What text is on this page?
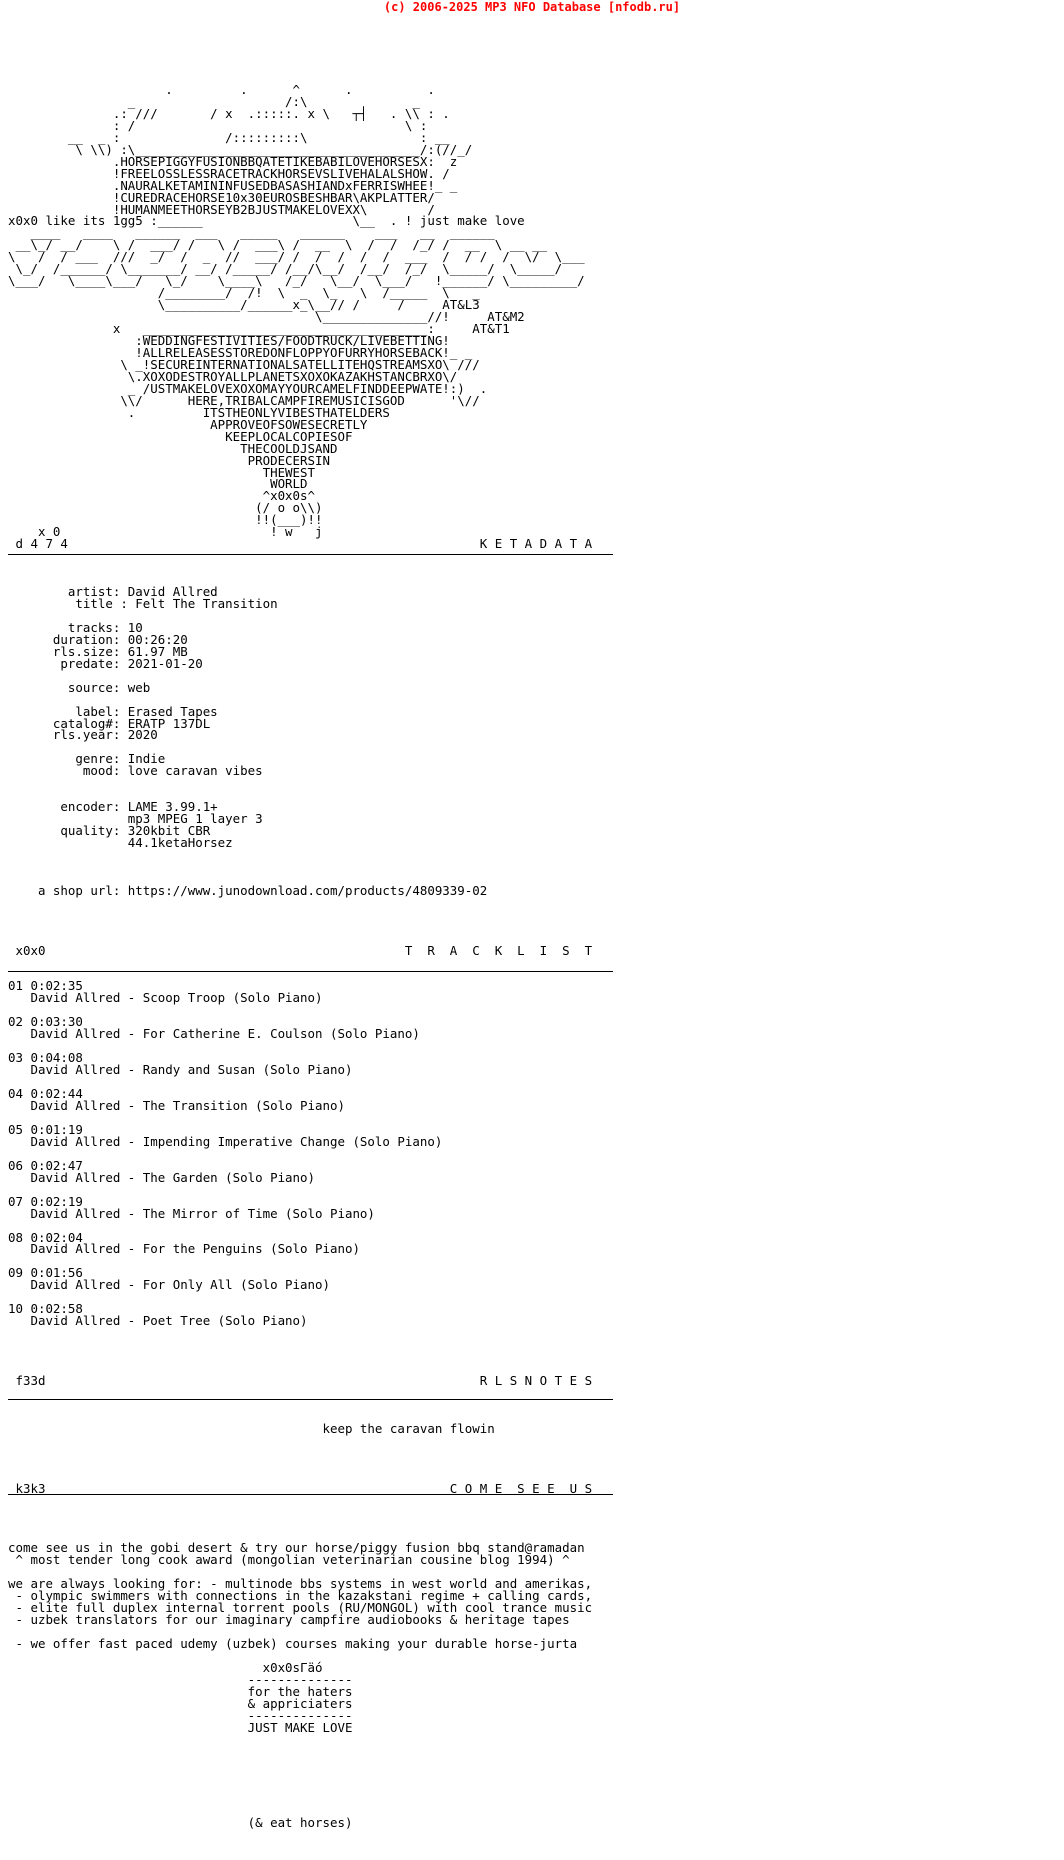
(c) 2006-2025 MP3 NFO Database [nfodb.ru]
.         .      ^      .          .
_                    /:\              _
.: ///       / x  .:::::. x \   ┬┤   . \\ : .
: /                                    \ :
__  _ :              /:::::::::\               : __
\ \\) :\______________________________________/:(//_/
.HORSEPIGGYFUSIONBBQATETIKEBABILOVEHORSESX:  z
!FREELOSSLESSRACETRACKHORSEVSLIVEHALALSHOW. /
.NAURALKETAMININFUSEDBASASHIANDxFERRISWHEE!_ _
!CUREDRACEHORSE10x30EUROSBESHBAR\AKPLATTER/
!HUMANMEETHORSEYB2BJUSTMAKELOVEXX\        /
x0x0 like its 1gg5 :______                    \__  . ! just make love
____   ____   ______  ___   _____   ______    ___   __  ______
__\_/ __/    \ /  ___/ /   \ /  ___\ /  __  \  /  /  /_/ /  __  \ __ __
\   /  / ___  ///  _/  /  _  //  ___/ /  /  /  /  /  ___  /  / /  /  \/  \___
\_/  /______/ \_______/ __/ /_____/ /__/\__/  /__/  /_/  \_____/  \_____/
\___/   \____\___/   \_/    \____\   /_/   \__/  \___/   !______/ \_________/
/________/  /!  \  _  \_   \  /_____  \   _
\__________/______x_\__// /     /     AT&L3
\______________//!     AT&M2
x   ______________________________________:     AT&T1
:WEDDINGFESTIVITIES/FOODTRUCK/LIVEBETTING!
!ALLRELEASESSTOREDONFLOPPYOFURRYHORSEBACK!_ _
\ _!SECUREINTERNATIONALSATELLITEHQSTREAMSXO\ ///
\.XOXODESTROYALLPLANETSXOXOKAZAKHSTANCBRXO\/
_ /USTMAKELOVEXOXOMAYYOURCAMELFINDDEEPWATE!:)  .
\\/      HERE,TRIBALCAMPFIREMUSICISGOD      '\//
.         ITSTHEONLYVIBESTHATELDERS
APPROVEOFSOWESECRETLY
KEEPLOCALCOPIESOF
THECOOLDJSAND
PRODECERSIN
THEWEST
WORLD
^x0x0s^
(/ o o\\)
!!(___)!!
x 0                            ! w   j
d 4 7 4                                                       K E T A D A T A

artist: David Allred
title : Felt The Transition

tracks: 10
duration: 00:26:20
rls.size: 61.97 MB
predate: 2021-01-20

source: web

label: Erased Tapes
catalog#: ERATP 137DL
rls.year: 2020

genre: Indie
mood: love caravan vibes

encoder: LAME 3.99.1+
mp3 MPEG 1 layer 3
quality: 320kbit CBR
44.1ketaHorsez

a shop url: https://www.junodownload.com/products/4809339-02

x0x0                                                T  R  A  C  K  L  I  S  T

01 0:02:35
David Allred - Scoop Troop (Solo Piano)

02 0:03:30
David Allred - For Catherine E. Coulson (Solo Piano)

03 0:04:08
David Allred - Randy and Susan (Solo Piano)

04 0:02:44
David Allred - The Transition (Solo Piano)

05 0:01:19
David Allred - Impending Imperative Change (Solo Piano)

06 0:02:47
David Allred - The Garden (Solo Piano)

07 0:02:19
David Allred - The Mirror of Time (Solo Piano)

08 0:02:04
David Allred - For the Penguins (Solo Piano)

09 0:01:56
David Allred - For Only All (Solo Piano)

10 0:02:58
David Allred - Poet Tree (Solo Piano)

f33d                                                          R L S N O T E S

keep the caravan flowin

k3k3                                                      C O M E  S E E  U S

come see us in the gobi desert & try our horse/piggy fusion bbq stand@ramadan
^ most tender long cook award (mongolian veterinarian cousine blog 1994) ^

we are always looking for: - multinode bbs systems in west world and amerikas,
- olympic swimmers with connections in the kazakstani regime + calling cards,
- elite full duplex internal torrent pools (RU/MONGOL) with cool trance music
- uzbek translators for our imaginary campfire audiobooks & heritage tapes

- we offer fast paced udemy (uzbek) courses making your durable horse-jurta

x0x0sΓäó
--------------
for the haters
& appriciaters
--------------
JUST MAKE LOVE

(& eat horses)
